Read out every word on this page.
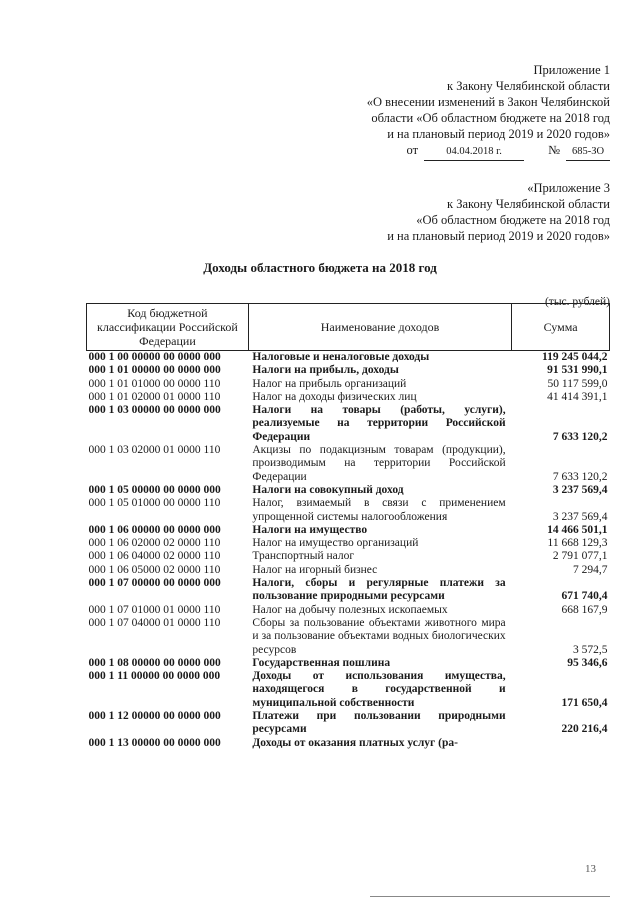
Приложение 1
к Закону Челябинской области
«О внесении изменений в Закон Челябинской
области «Об областном бюджете на 2018 год
и на плановый период 2019 и 2020 годов»
от	04.04.2018 г.	№	685-ЗО
«Приложение 3
к Закону Челябинской области
«Об областном бюджете на 2018 год
и на плановый период 2019 и 2020 годов»
Доходы областного бюджета на 2018 год
(тыс. рублей)
Код бюджетной классификации Российской Федерации	Наименование доходов	Сумма
000 1 00 00000 00 0000 000	Налоговые и неналоговые доходы	119 245 044,2
000 1 01 00000 00 0000 000	Налоги на прибыль, доходы	91 531 990,1
000 1 01 01000 00 0000 110	Налог на прибыль организаций	50 117 599,0
000 1 01 02000 01 0000 110	Налог на доходы физических лиц	41 414 391,1
000 1 03 00000 00 0000 000	Налоги на товары (работы, услуги), реализуемые на территории Российской Федерации	7 633 120,2
000 1 03 02000 01 0000 110	Акцизы по подакцизным товарам (продукции), производимым на территории Российской Федерации	7 633 120,2
000 1 05 00000 00 0000 000	Налоги на совокупный доход	3 237 569,4
000 1 05 01000 00 0000 110	Налог, взимаемый в связи с применением упрощенной системы налогообложения	3 237 569,4
000 1 06 00000 00 0000 000	Налоги на имущество	14 466 501,1
000 1 06 02000 02 0000 110	Налог на имущество организаций	11 668 129,3
000 1 06 04000 02 0000 110	Транспортный налог	2 791 077,1
000 1 06 05000 02 0000 110	Налог на игорный бизнес	7 294,7
000 1 07 00000 00 0000 000	Налоги, сборы и регулярные платежи за пользование природными ресурсами	671 740,4
000 1 07 01000 01 0000 110	Налог на добычу полезных ископаемых	668 167,9
000 1 07 04000 01 0000 110	Сборы за пользование объектами животного мира и за пользование объектами водных биологических ресурсов	3 572,5
000 1 08 00000 00 0000 000	Государственная пошлина	95 346,6
000 1 11 00000 00 0000 000	Доходы от использования имущества, находящегося в государственной и муниципальной собственности	171 650,4
000 1 12 00000 00 0000 000	Платежи при пользовании природными ресурсами	220 216,4
000 1 13 00000 00 0000 000	Доходы от оказания платных услуг (ра-	
13
